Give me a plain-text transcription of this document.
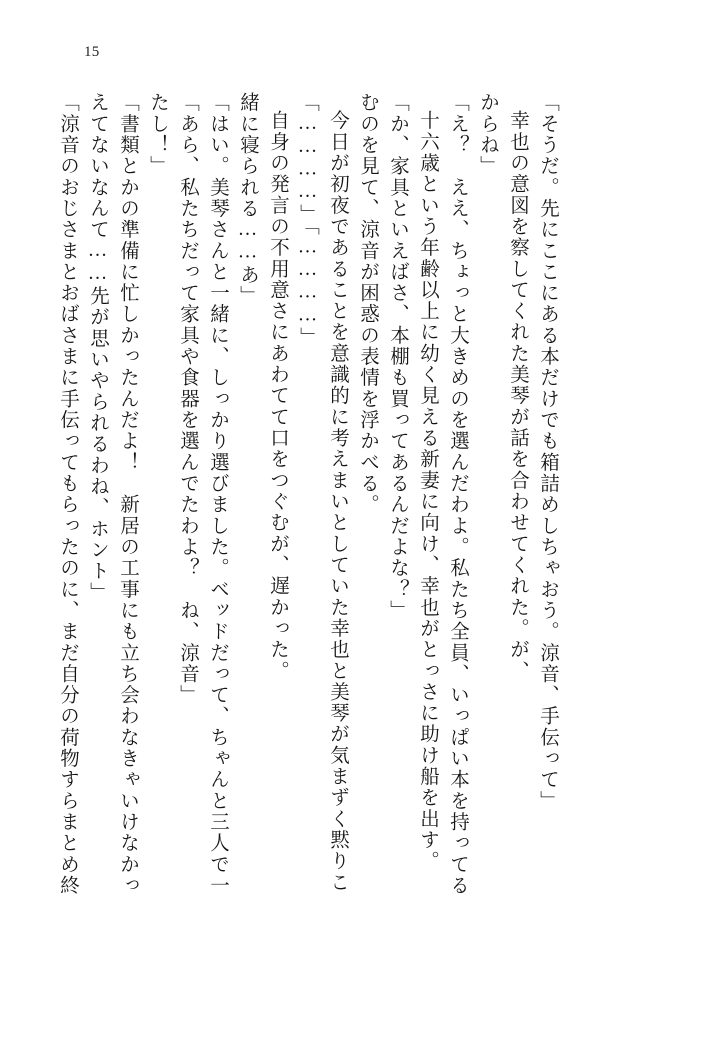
15
「涼音のおじさまとおばさまに手伝ってもらったのに、まだ自分の荷物すらまとめ終 えてないなんて……先が思いやられるわね、ホント」 「書類とかの準備に忙しかったんだよ！　新居の工事にも立ち会わなきゃいけなかっ たし！」 「あら、私たちだって家具や食器を選んでたわよ？　ね、涼音」 「はい。美琴さんと一緒に、しっかり選びました。ベッドだって、ちゃんと三人で一 緒に寝られる……あ」 自身の発言の不用意さにあわてて口をつぐむが、遅かった。 「…………」「…………」 今日が初夜であることを意識的に考えまいとしていた幸也と美琴が気まずく黙りこ むのを見て、涼音が困惑の表情を浮かべる。 「か、家具といえばさ、本棚も買ってあるんだよな？」 十六歳という年齢以上に幼く見える新妻に向け、幸也がとっさに助け船を出す。 「え？　ええ、ちょっと大きめのを選んだわよ。私たち全員、いっぱい本を持ってる からね」 幸也の意図を察してくれた美琴が話を合わせてくれた。が、 「そうだ。先にここにある本だけでも箱詰めしちゃおう。涼音、手伝って」
